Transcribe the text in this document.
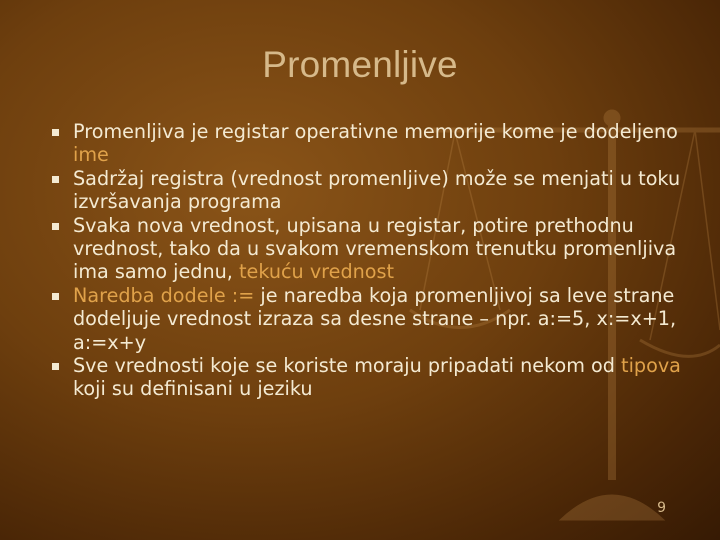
Promenljive
Promenljiva je registar operativne memorije kome je dodeljeno ime
Sadržaj registra (vrednost promenljive) može se menjati u toku izvršavanja programa
Svaka nova vrednost, upisana u registar, potire prethodnu vrednost, tako da u svakom vremenskom trenutku promenljiva ima samo jednu, tekuću vrednost
Naredba dodele := je naredba koja promenljivoj sa leve strane dodeljuje vrednost izraza sa desne strane – npr. a:=5, x:=x+1, a:=x+y
Sve vrednosti koje se koriste moraju pripadati nekom od tipova koji su definisani u jeziku
9
